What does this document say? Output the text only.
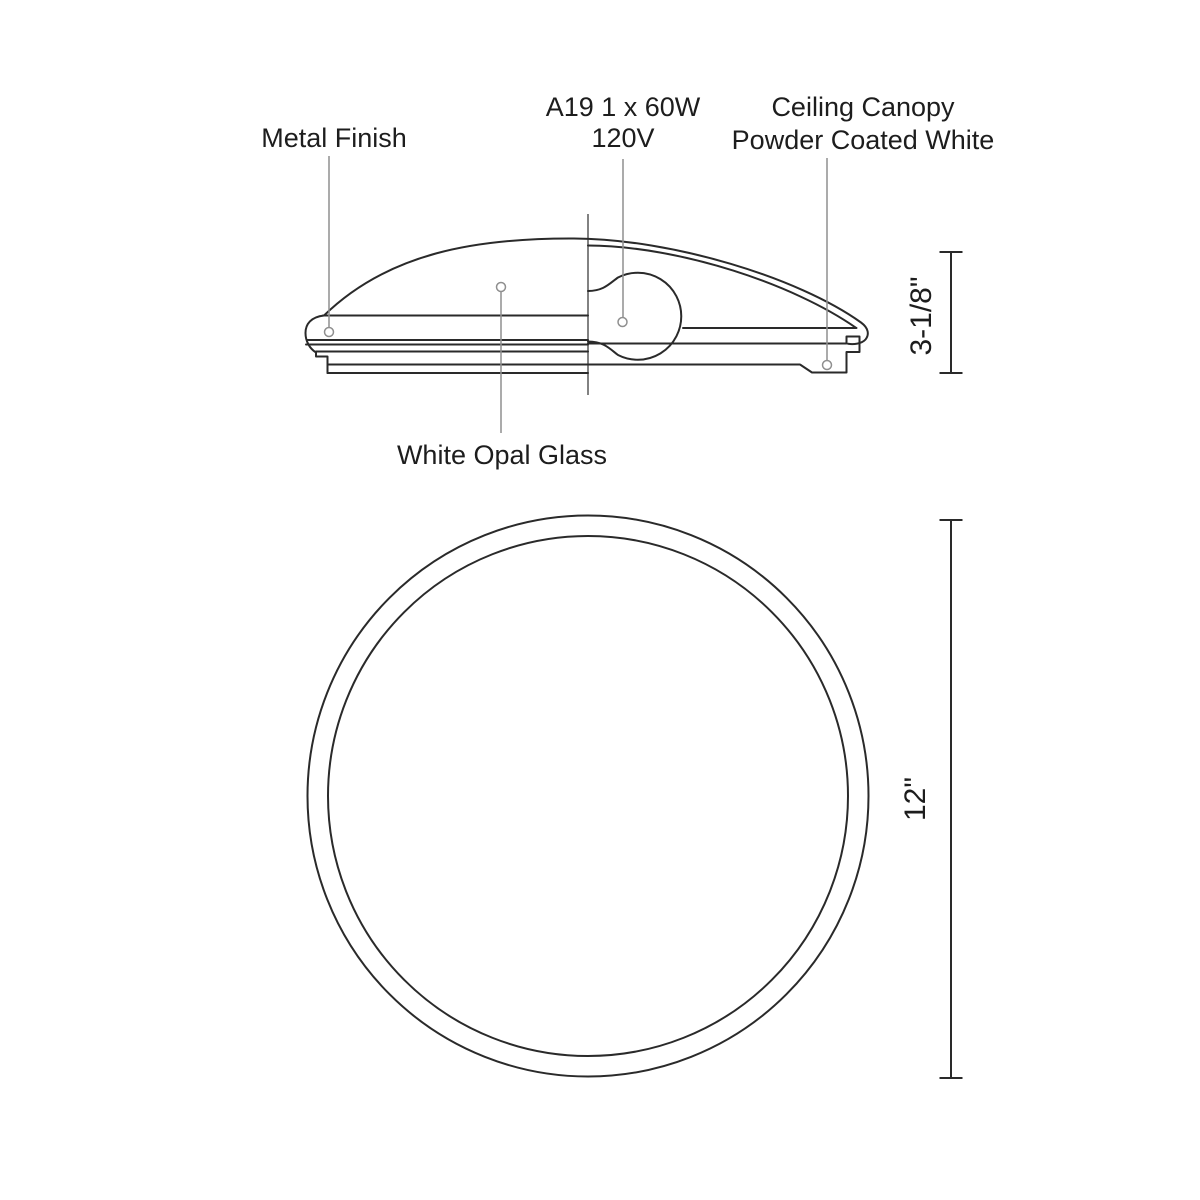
3-1/8"
12"
Metal Finish
A19 1 x 60W
120V
Ceiling Canopy
Powder Coated White
White Opal Glass
